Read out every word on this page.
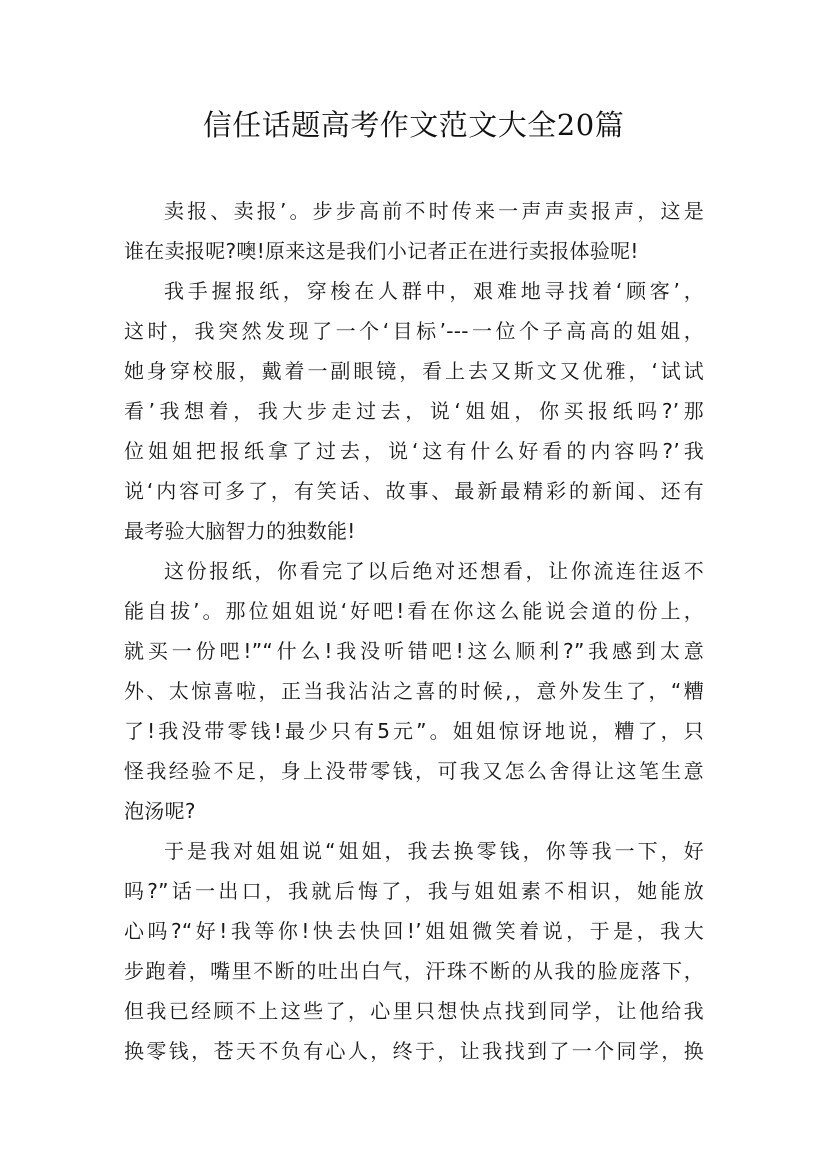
信任话题高考作文范文大全20篇
卖报、卖报’。步步高前不时传来一声声卖报声，这是
谁在卖报呢?噢!原来这是我们小记者正在进行卖报体验呢!
我手握报纸，穿梭在人群中，艰难地寻找着‘顾客’，
这时，我突然发现了一个‘目标’---一位个子高高的姐姐，
她身穿校服，戴着一副眼镜，看上去又斯文又优雅，‘试试
看’我想着，我大步走过去，说‘姐姐，你买报纸吗?’那
位姐姐把报纸拿了过去，说‘这有什么好看的内容吗?’我
说‘内容可多了，有笑话、故事、最新最精彩的新闻、还有
最考验大脑智力的独数能!
这份报纸，你看完了以后绝对还想看，让你流连往返不
能自拔’。那位姐姐说‘好吧!看在你这么能说会道的份上，
就买一份吧!”“什么!我没听错吧!这么顺利?”我感到太意
外、太惊喜啦，正当我沾沾之喜的时候,，意外发生了，“糟
了!我没带零钱!最少只有5元”。姐姐惊讶地说，糟了，只
怪我经验不足，身上没带零钱，可我又怎么舍得让这笔生意
泡汤呢?
于是我对姐姐说“姐姐，我去换零钱，你等我一下，好
吗?”话一出口，我就后悔了，我与姐姐素不相识，她能放
心吗?“好!我等你!快去快回!’姐姐微笑着说，于是，我大
步跑着，嘴里不断的吐出白气，汗珠不断的从我的脸庞落下，
但我已经顾不上这些了，心里只想快点找到同学，让他给我
换零钱，苍天不负有心人，终于，让我找到了一个同学，换
